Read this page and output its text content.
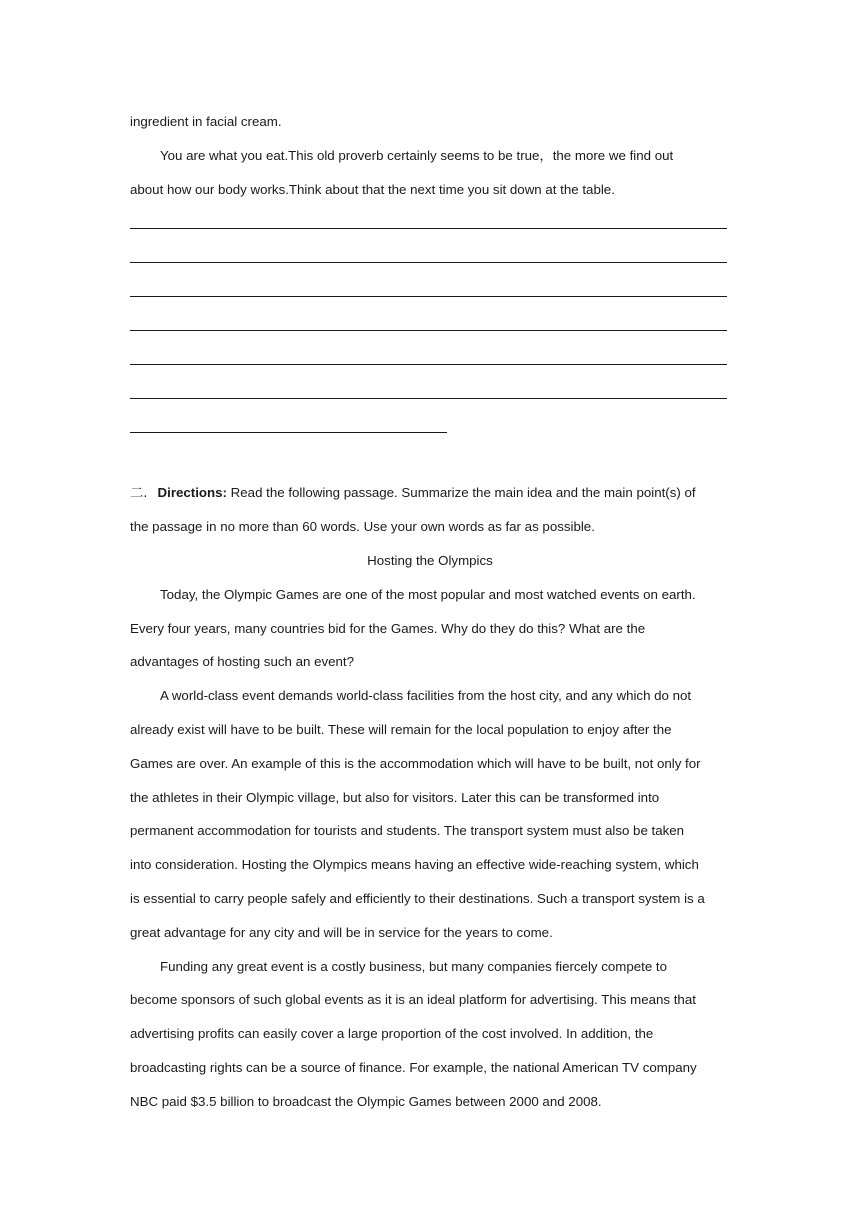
ingredient in facial cream.
You are what you eat.This old proverb certainly seems to be true，the more we find out
about how our body works.Think about that the next time you sit down at the table.
二. Directions: Read the following passage. Summarize the main idea and the main point(s) of
the passage in no more than 60 words. Use your own words as far as possible.
Hosting the Olympics
Today, the Olympic Games are one of the most popular and most watched events on earth.
Every four years, many countries bid for the Games. Why do they do this? What are the
advantages of hosting such an event?
A world-class event demands world-class facilities from the host city, and any which do not
already exist will have to be built. These will remain for the local population to enjoy after the
Games are over. An example of this is the accommodation which will have to be built, not only for
the athletes in their Olympic village, but also for visitors. Later this can be transformed into
permanent accommodation for tourists and students. The transport system must also be taken
into consideration. Hosting the Olympics means having an effective wide-reaching system, which
is essential to carry people safely and efficiently to their destinations. Such a transport system is a
great advantage for any city and will be in service for the years to come.
Funding any great event is a costly business, but many companies fiercely compete to
become sponsors of such global events as it is an ideal platform for advertising. This means that
advertising profits can easily cover a large proportion of the cost involved. In addition, the
broadcasting rights can be a source of finance. For example, the national American TV company
NBC paid $3.5 billion to broadcast the Olympic Games between 2000 and 2008.
